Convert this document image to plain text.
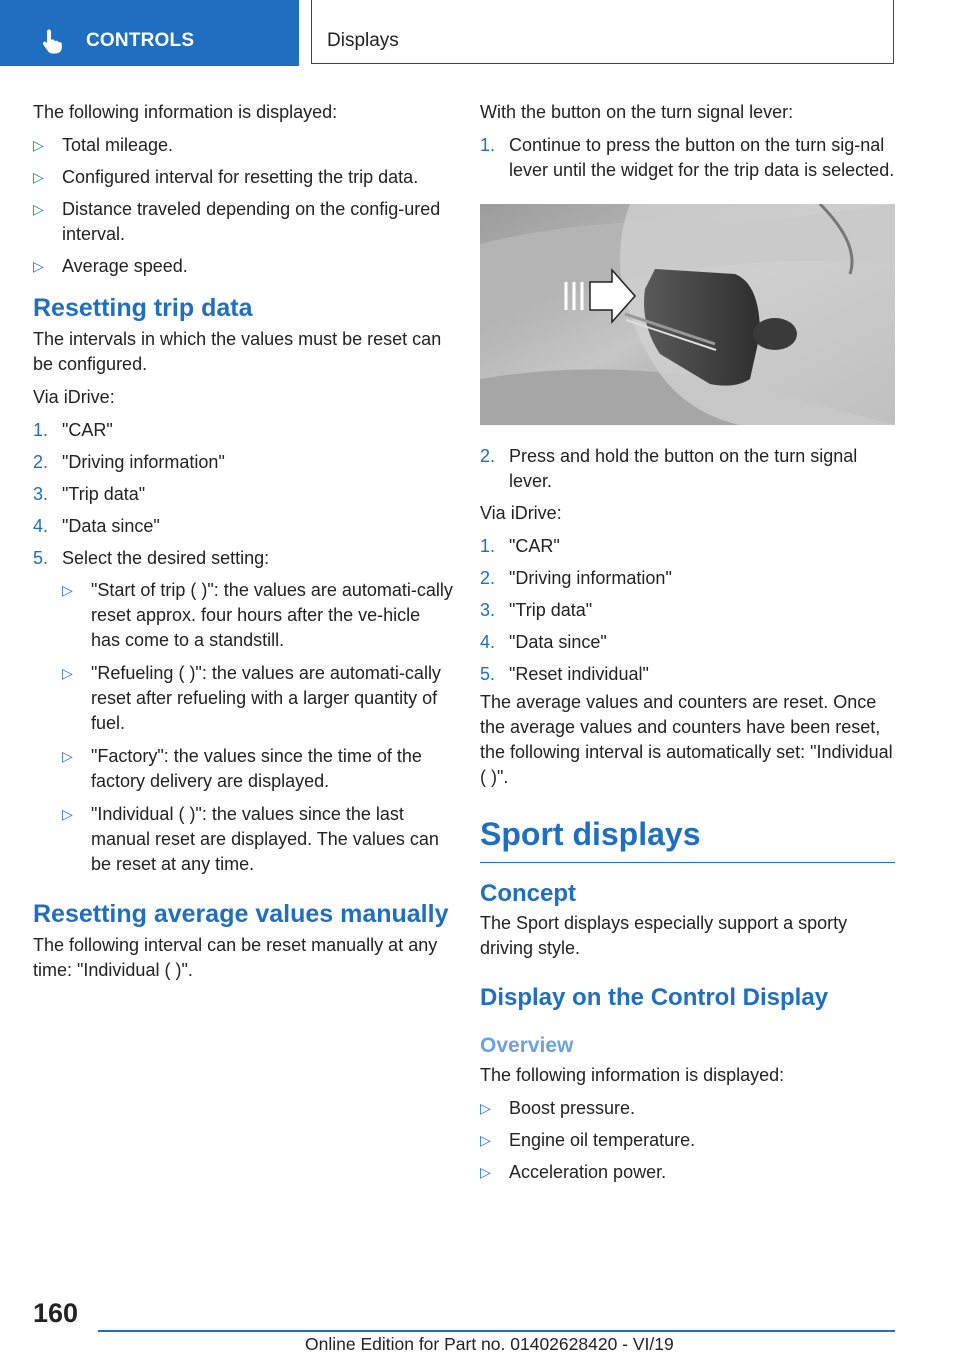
CONTROLS	Displays

The following information is displayed:

▷ Total mileage.
▷ Configured interval for resetting the trip data.
▷ Distance traveled depending on the config‐ured interval.
▷ Average speed.
Resetting trip data

The intervals in which the values must be reset can be configured.

Via iDrive:

1. "CAR"
2. "Driving information"
3. "Trip data"
4. "Data since"
5. Select the desired setting:
▷ "Start of trip ( )": the values are automati‐cally reset approx. four hours after the ve‐hicle has come to a standstill.
▷ "Refueling ( )": the values are automati‐cally reset after refueling with a larger quantity of fuel.
▷ "Factory": the values since the time of the factory delivery are displayed.
▷ "Individual ( )": the values since the last manual reset are displayed. The values can be reset at any time.
Resetting average values manually

The following interval can be reset manually at any time: "Individual ( )".

With the button on the turn signal lever:

1. Continue to press the button on the turn sig‐nal lever until the widget for the trip data is selected.
2. Press and hold the button on the turn signal lever.

Via iDrive:

1. "CAR"
2. "Driving information"
3. "Trip data"
4. "Data since"
5. "Reset individual"

The average values and counters are reset. Once the average values and counters have been reset, the following interval is automatically set: "Individual ( )".

Sport displays
Concept

The Sport displays especially support a sporty driving style.

Display on the Control Display
Overview

The following information is displayed:

▷ Boost pressure.
▷ Engine oil temperature.
▷ Acceleration power.
160
Online Edition for Part no. 01402628420 - VI/19
